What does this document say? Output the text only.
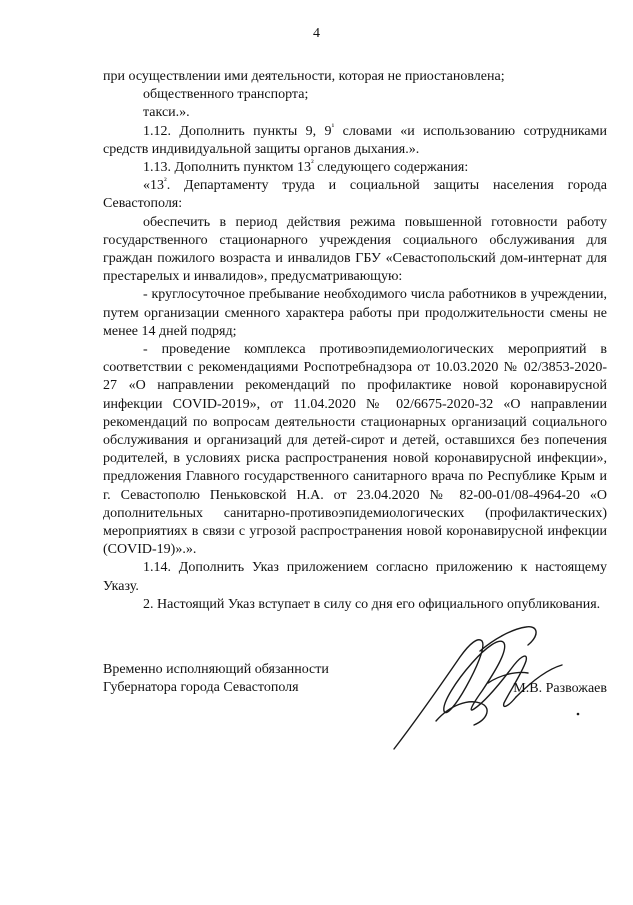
4

при осуществлении ими деятельности, которая не приостановлена;

общественного транспорта;

такси.».

1.12. Дополнить пункты 9, $9^{^1}$ словами «и использованию сотрудниками средств индивидуальной защиты органов дыхания.».

1.13. Дополнить пунктом $13^{^2}$ следующего содержания:

«$13^{^2}$. Департаменту труда и социальной защиты населения города Севастополя:

обеспечить в период действия режима повышенной готовности работу государственного стационарного учреждения социального обслуживания для граждан пожилого возраста и инвалидов ГБУ «Севастопольский дом-интернат для престарелых и инвалидов», предусматривающую:

- круглосуточное пребывание необходимого числа работников в учреждении, путем организации сменного характера работы при продолжительности смены не менее 14 дней подряд;

- проведение комплекса противоэпидемиологических мероприятий в соответствии с рекомендациями Роспотребнадзора от 10.03.2020 № 02/3853-2020-27 «О направлении рекомендаций по профилактике новой коронавирусной инфекции COVID-2019», от 11.04.2020 № 02/6675-2020-32 «О направлении рекомендаций по вопросам деятельности стационарных организаций социального обслуживания и организаций для детей-сирот и детей, оставшихся без попечения родителей, в условиях риска распространения новой коронавирусной инфекции», предложения Главного государственного санитарного врача по Республике Крым и г. Севастополю Пеньковской Н.А. от 23.04.2020 № 82-00-01/08-4964-20 «О дополнительных санитарно-противоэпидемиологических (профилактических) мероприятиях в связи с угрозой распространения новой коронавирусной инфекции (COVID-19)».».

1.14. Дополнить Указ приложением согласно приложению к настоящему Указу.

2. Настоящий Указ вступает в силу со дня его официального опубликования.

Временно исполняющий обязанности
Губернатора города Севастополя	М.В. Развожаев
